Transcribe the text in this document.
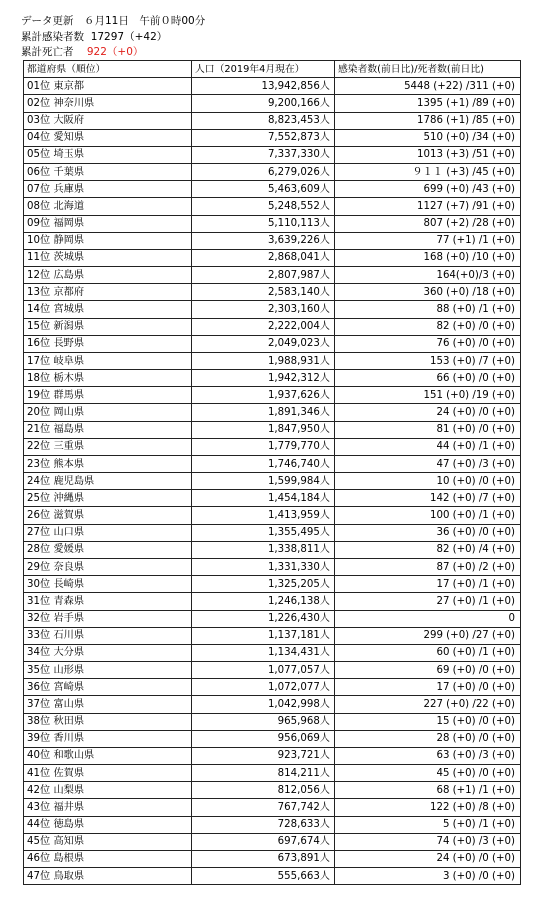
データ更新　６月11日　午前０時00分
累計感染者数 17297（+42）
累計死亡者 922（+0）
都道府県（順位）		人口（2019年4月現在）	感染者数(前日比)/死者数(前日比)
01位	東京都	13,942,856人	5448 (+22) /311 (+0)
02位	神奈川県	9,200,166人	1395 (+1) /89 (+0)
03位	大阪府	8,823,453人	1786 (+1) /85 (+0)
04位	愛知県	7,552,873人	510 (+0) /34 (+0)
05位	埼玉県	7,337,330人	1013 (+3) /51 (+0)
06位	千葉県	6,279,026人	９１１ (+3) /45 (+0)
07位	兵庫県	5,463,609人	699 (+0) /43 (+0)
08位	北海道	5,248,552人	1127 (+7) /91 (+0)
09位	福岡県	5,110,113人	807 (+2) /28 (+0)
10位	静岡県	3,639,226人	77 (+1) /1 (+0)
11位	茨城県	2,868,041人	168 (+0) /10 (+0)
12位	広島県	2,807,987人	164(+0)/3 (+0)
13位	京都府	2,583,140人	360 (+0) /18 (+0)
14位	宮城県	2,303,160人	88 (+0) /1 (+0)
15位	新潟県	2,222,004人	82 (+0) /0 (+0)
16位	長野県	2,049,023人	76 (+0) /0 (+0)
17位	岐阜県	1,988,931人	153 (+0) /7 (+0)
18位	栃木県	1,942,312人	66 (+0) /0 (+0)
19位	群馬県	1,937,626人	151 (+0) /19 (+0)
20位	岡山県	1,891,346人	24 (+0) /0 (+0)
21位	福島県	1,847,950人	81 (+0) /0 (+0)
22位	三重県	1,779,770人	44 (+0) /1 (+0)
23位	熊本県	1,746,740人	47 (+0) /3 (+0)
24位	鹿児島県	1,599,984人	10 (+0) /0 (+0)
25位	沖縄県	1,454,184人	142 (+0) /7 (+0)
26位	滋賀県	1,413,959人	100 (+0) /1 (+0)
27位	山口県	1,355,495人	36 (+0) /0 (+0)
28位	愛媛県	1,338,811人	82 (+0) /4 (+0)
29位	奈良県	1,331,330人	87 (+0) /2 (+0)
30位	長崎県	1,325,205人	17 (+0) /1 (+0)
31位	青森県	1,246,138人	27 (+0) /1 (+0)
32位	岩手県	1,226,430人	0
33位	石川県	1,137,181人	299 (+0) /27 (+0)
34位	大分県	1,134,431人	60 (+0) /1 (+0)
35位	山形県	1,077,057人	69 (+0) /0 (+0)
36位	宮崎県	1,072,077人	17 (+0) /0 (+0)
37位	富山県	1,042,998人	227 (+0) /22 (+0)
38位	秋田県	965,968人	15 (+0) /0 (+0)
39位	香川県	956,069人	28 (+0) /0 (+0)
40位	和歌山県	923,721人	63 (+0) /3 (+0)
41位	佐賀県	814,211人	45 (+0) /0 (+0)
42位	山梨県	812,056人	68 (+1) /1 (+0)
43位	福井県	767,742人	122 (+0) /8 (+0)
44位	徳島県	728,633人	5 (+0) /1 (+0)
45位	高知県	697,674人	74 (+0) /3 (+0)
46位	島根県	673,891人	24 (+0) /0 (+0)
47位	鳥取県	555,663人	3 (+0) /0 (+0)
